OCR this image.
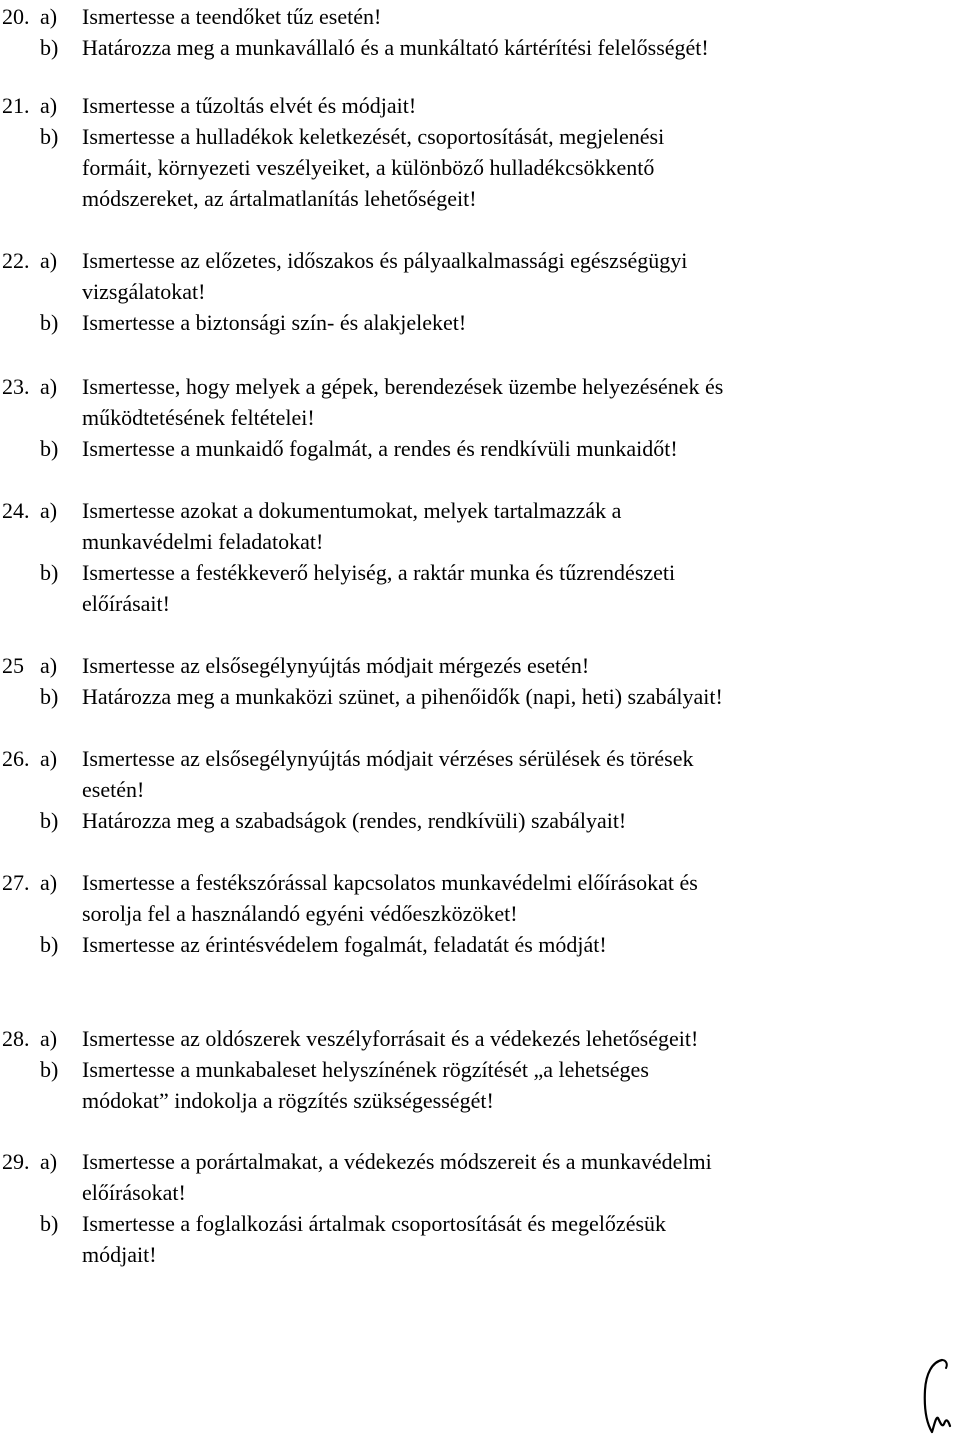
20. a) Ismertesse a teendőket tűz esetén!
b) Határozza meg a munkavállaló és a munkáltató kártérítési felelősségét!
21. a) Ismertesse a tűzoltás elvét és módjait!
b) Ismertesse a hulladékok keletkezését, csoportosítását, megjelenési
formáit, környezeti veszélyeiket, a különböző hulladékcsökkentő
módszereket, az ártalmatlanítás lehetőségeit!
22. a) Ismertesse az előzetes, időszakos és pályaalkalmassági egészségügyi
vizsgálatokat!
b) Ismertesse a biztonsági szín- és alakjeleket!
23. a) Ismertesse, hogy melyek a gépek, berendezések üzembe helyezésének és
működtetésének feltételei!
b) Ismertesse a munkaidő fogalmát, a rendes és rendkívüli munkaidőt!
24. a) Ismertesse azokat a dokumentumokat, melyek tartalmazzák a
munkavédelmi feladatokat!
b) Ismertesse a festékkeverő helyiség, a raktár munka és tűzrendészeti
előírásait!
25 a) Ismertesse az elsősegélynyújtás módjait mérgezés esetén!
b) Határozza meg a munkaközi szünet, a pihenőidők (napi, heti) szabályait!
26. a) Ismertesse az elsősegélynyújtás módjait vérzéses sérülések és törések
esetén!
b) Határozza meg a szabadságok (rendes, rendkívüli) szabályait!
27. a) Ismertesse a festékszórással kapcsolatos munkavédelmi előírásokat és
sorolja fel a használandó egyéni védőeszközöket!
b) Ismertesse az érintésvédelem fogalmát, feladatát és módját!
28. a) Ismertesse az oldószerek veszélyforrásait és a védekezés lehetőségeit!
b) Ismertesse a munkabaleset helyszínének rögzítését „a lehetséges
módokat” indokolja a rögzítés szükségességét!
29. a) Ismertesse a porártalmakat, a védekezés módszereit és a munkavédelmi
előírásokat!
b) Ismertesse a foglalkozási ártalmak csoportosítását és megelőzésük
módjait!
